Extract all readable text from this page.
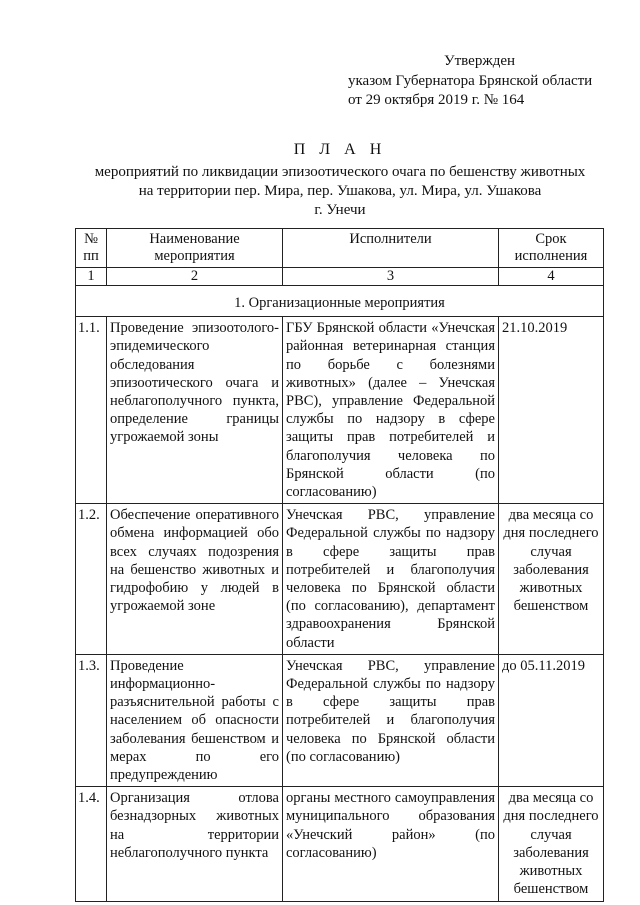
Утвержден
указом Губернатора Брянской области
от 29 октября 2019 г. № 164
П Л А Н
мероприятий по ликвидации эпизоотического очага по бешенству животных
на территории пер. Мира, пер. Ушакова, ул. Мира, ул. Ушакова
г. Унечи
№ пп	Наименование мероприятия	Исполнители	Срок исполнения
1	2	3	4
1. Организационные мероприятия			
1.1.	Проведение эпизоотолого-эпидемического обследования эпизоотического очага и неблагополучного пункта, определение границы угрожаемой зоны	ГБУ Брянской области «Унечская районная ветеринарная станция по борьбе с болезнями животных» (далее – Унечская РВС), управление Федеральной службы по надзору в сфере защиты прав потребителей и благополучия человека по Брянской области (по согласованию)	21.10.2019
1.2.	Обеспечение оперативного обмена информацией обо всех случаях подозрения на бешенство животных и гидрофобию у людей в угрожаемой зоне	Унечская РВС, управление Федеральной службы по надзору в сфере защиты прав потребителей и благополучия человека по Брянской области (по согласованию), департамент здравоохранения Брянской области	два месяца со дня последнего случая заболевания животных бешенством
1.3.	Проведение информационно-разъяснительной работы с населением об опасности заболевания бешенством и мерах по его предупреждению	Унечская РВС, управление Федеральной службы по надзору в сфере защиты прав потребителей и благополучия человека по Брянской области (по согласованию)	до 05.11.2019
1.4.	Организация отлова безнадзорных животных на территории неблагополучного пункта	органы местного самоуправления муниципального образования «Унечский район» (по согласованию)	два месяца со дня последнего случая заболевания животных бешенством
